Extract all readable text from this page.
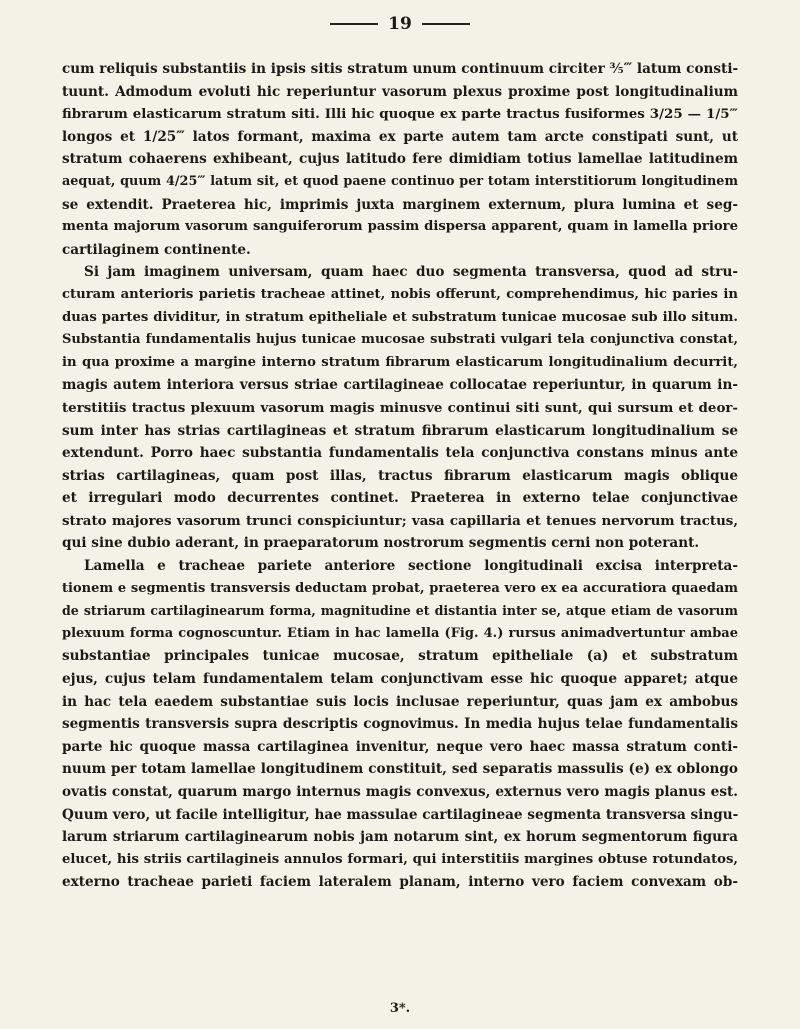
19
cum reliquis substantiis in ipsis sitis stratum unum continuum circiter ⅗‴ latum consti-
tuunt. Admodum evoluti hic reperiuntur vasorum plexus proxime post longitudinalium
fibrarum elasticarum stratum siti. Illi hic quoque ex parte tractus fusiformes 3/25 — 1/5‴
longos et 1/25‴ latos formant, maxima ex parte autem tam arcte constipati sunt, ut
stratum cohaerens exhibeant, cujus latitudo fere dimidiam totius lamellae latitudinem
aequat, quum 4/25‴ latum sit, et quod paene continuo per totam interstitiorum longitudinem
se extendit. Praeterea hic, imprimis juxta marginem externum, plura lumina et seg-
menta majorum vasorum sanguiferorum passim dispersa apparent, quam in lamella priore
cartilaginem continente.
Si jam imaginem universam, quam haec duo segmenta transversa, quod ad stru-
cturam anterioris parietis tracheae attinet, nobis offerunt, comprehendimus, hic paries in
duas partes dividitur, in stratum epitheliale et substratum tunicae mucosae sub illo situm.
Substantia fundamentalis hujus tunicae mucosae substrati vulgari tela conjunctiva constat,
in qua proxime a margine interno stratum fibrarum elasticarum longitudinalium decurrit,
magis autem interiora versus striae cartilagineae collocatae reperiuntur, in quarum in-
terstitiis tractus plexuum vasorum magis minusve continui siti sunt, qui sursum et deor-
sum inter has strias cartilagineas et stratum fibrarum elasticarum longitudinalium se
extendunt. Porro haec substantia fundamentalis tela conjunctiva constans minus ante
strias cartilagineas, quam post illas, tractus fibrarum elasticarum magis oblique
et irregulari modo decurrentes continet. Praeterea in externo telae conjunctivae
strato majores vasorum trunci conspiciuntur; vasa capillaria et tenues nervorum tractus,
qui sine dubio aderant, in praeparatorum nostrorum segmentis cerni non poterant.
Lamella e tracheae pariete anteriore sectione longitudinali excisa interpreta-
tionem e segmentis transversis deductam probat, praeterea vero ex ea accuratiora quaedam
de striarum cartilaginearum forma, magnitudine et distantia inter se, atque etiam de vasorum
plexuum forma cognoscuntur. Etiam in hac lamella (Fig. 4.) rursus animadvertuntur ambae
substantiae principales tunicae mucosae, stratum epitheliale (a) et substratum
ejus, cujus telam fundamentalem telam conjunctivam esse hic quoque apparet; atque
in hac tela eaedem substantiae suis locis inclusae reperiuntur, quas jam ex ambobus
segmentis transversis supra descriptis cognovimus. In media hujus telae fundamentalis
parte hic quoque massa cartilaginea invenitur, neque vero haec massa stratum conti-
nuum per totam lamellae longitudinem constituit, sed separatis massulis (e) ex oblongo
ovatis constat, quarum margo internus magis convexus, externus vero magis planus est.
Quum vero, ut facile intelligitur, hae massulae cartilagineae segmenta transversa singu-
larum striarum cartilaginearum nobis jam notarum sint, ex horum segmentorum figura
elucet, his striis cartilagineis annulos formari, qui interstitiis margines obtuse rotundatos,
externo tracheae parieti faciem lateralem planam, interno vero faciem convexam ob-
3*.
